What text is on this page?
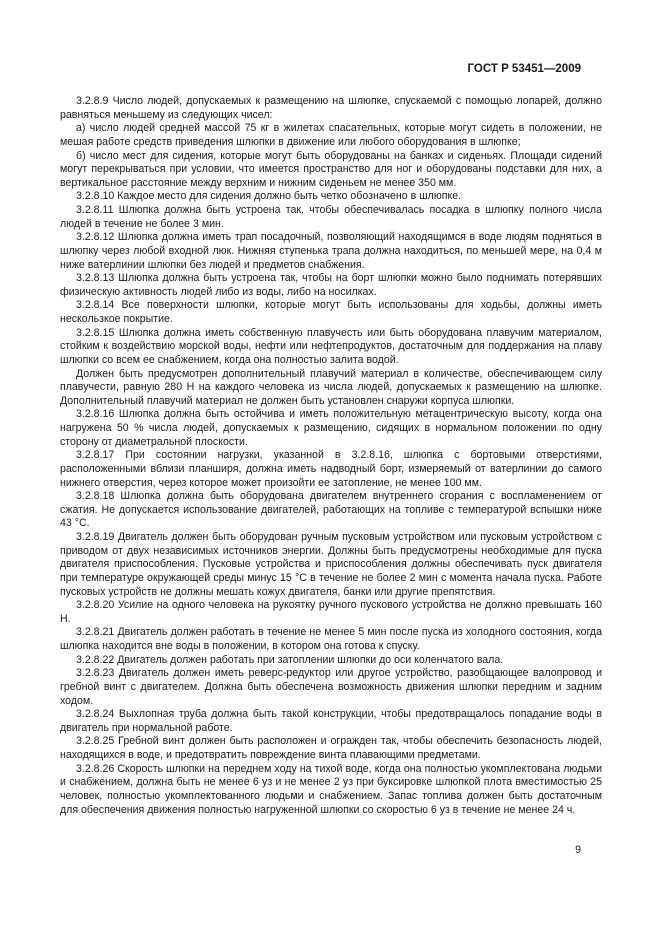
ГОСТ Р 53451—2009

3.2.8.9 Число людей, допускаемых к размещению на шлюпке, спускаемой с помощью лопарей, должно равняться меньшему из следующих чисел:

а) число людей средней массой 75 кг в жилетах спасательных, которые могут сидеть в положении, не мешая работе средств приведения шлюпки в движение или любого оборудования в шлюпке;

б) число мест для сидения, которые могут быть оборудованы на банках и сиденьях. Площади сидений могут перекрываться при условии, что имеется пространство для ног и оборудованы подставки для них, а вертикальное расстояние между верхним и нижним сиденьем не менее 350 мм.

3.2.8.10 Каждое место для сидения должно быть четко обозначено в шлюпке.

3.2.8.11 Шлюпка должна быть устроена так, чтобы обеспечивалась посадка в шлюпку полного числа людей в течение не более 3 мин.

3.2.8.12 Шлюпка должна иметь трап посадочный, позволяющий находящимся в воде людям подняться в шлюпку через любой входной люк. Нижняя ступенька трапа должна находиться, по меньшей мере, на 0,4 м ниже ватерлинии шлюпки без людей и предметов снабжения.

3.2.8.13 Шлюпка должна быть устроена так, чтобы на борт шлюпки можно было поднимать потерявших физическую активность людей либо из воды, либо на носилках.

3.2.8.14 Все поверхности шлюпки, которые могут быть использованы для ходьбы, должны иметь нескользкое покрытие.

3.2.8.15 Шлюпка должна иметь собственную плавучесть или быть оборудована плавучим материалом, стойким к воздействию морской воды, нефти или нефтепродуктов, достаточным для поддержания на плаву шлюпки со всем ее снабжением, когда она полностью залита водой.

Должен быть предусмотрен дополнительный плавучий материал в количестве, обеспечивающем силу плавучести, равную 280 Н на каждого человека из числа людей, допускаемых к размещению на шлюпке. Дополнительный плавучий материал не должен быть установлен снаружи корпуса шлюпки.

3.2.8.16 Шлюпка должна быть остойчива и иметь положительную метацентрическую высоту, когда она нагружена 50 % числа людей, допускаемых к размещению, сидящих в нормальном положении по одну сторону от диаметральной плоскости.

3.2.8.17 При состоянии нагрузки, указанной в 3.2.8.16, шлюпка с бортовыми отверстиями, расположенными вблизи планширя, должна иметь надводный борт, измеряемый от ватерлинии до самого нижнего отверстия, через которое может произойти ее затопление, не менее 100 мм.

3.2.8.18 Шлюпка должна быть оборудована двигателем внутреннего сгорания с воспламенением от сжатия. Не допускается использование двигателей, работающих на топливе с температурой вспышки ниже 43 °С.

3.2.8.19 Двигатель должен быть оборудован ручным пусковым устройством или пусковым устройством с приводом от двух независимых источников энергии. Должны быть предусмотрены необходимые для пуска двигателя приспособления. Пусковые устройства и приспособления должны обеспечивать пуск двигателя при температуре окружающей среды минус 15 °С в течение не более 2 мин с момента начала пуска. Работе пусковых устройств не должны мешать кожух двигателя, банки или другие препятствия.

3.2.8.20 Усилие на одного человека на рукоятку ручного пускового устройства не должно превышать 160 Н.

3.2.8.21 Двигатель должен работать в течение не менее 5 мин после пуска из холодного состояния, когда шлюпка находится вне воды в положении, в котором она готова к спуску.

3.2.8.22 Двигатель должен работать при затоплении шлюпки до оси коленчатого вала.

3.2.8.23 Двигатель должен иметь реверс-редуктор или другое устройство, разобщающее валопровод и гребной винт с двигателем. Должна быть обеспечена возможность движения шлюпки передним и задним ходом.

3.2.8.24 Выхлопная труба должна быть такой конструкции, чтобы предотвращалось попадание воды в двигатель при нормальной работе.

3.2.8.25 Гребной винт должен быть расположен и огражден так, чтобы обеспечить безопасность людей, находящихся в воде, и предотвратить повреждение винта плавающими предметами.

3.2.8.26 Скорость шлюпки на переднем ходу на тихой воде, когда она полностью укомплектована людьми и снабжением, должна быть не менее 6 уз и не менее 2 уз при буксировке шлюпкой плота вместимостью 25 человек, полностью укомплектованного людьми и снабжением. Запас топлива должен быть достаточным для обеспечения движения полностью нагруженной шлюпки со скоростью 6 уз в течение не менее 24 ч.

9
